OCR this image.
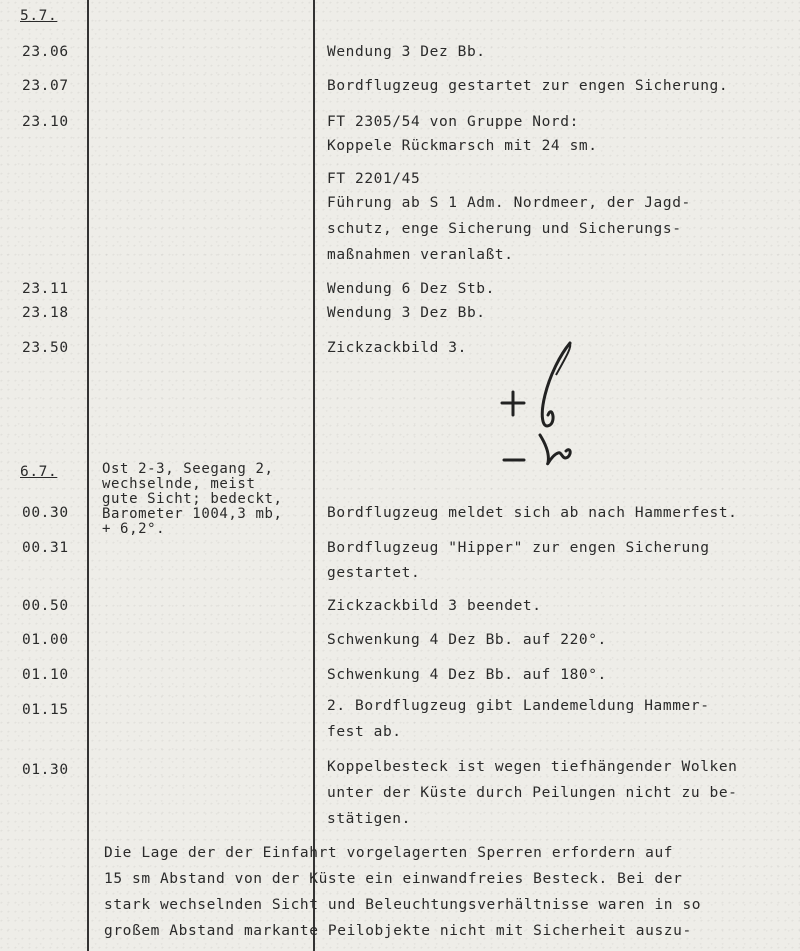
5.7.
6.7.
23.06
23.07
23.10
23.11
23.18
23.50
00.30
00.31
00.50
01.00
01.10
01.15
01.30
Ost 2-3, Seegang 2,
wechselnde, meist
gute Sicht; bedeckt,
Barometer 1004,3 mb,
+ 6,2°.
Wendung 3 Dez Bb.
Bordflugzeug gestartet zur engen Sicherung.
FT 2305/54 von Gruppe Nord:
Koppele Rückmarsch mit 24 sm.
FT 2201/45
Führung ab S 1 Adm. Nordmeer, der Jagd-
schutz, enge Sicherung und Sicherungs-
maßnahmen veranlaßt.
Wendung 6 Dez Stb.
Wendung 3 Dez Bb.
Zickzackbild 3.
Bordflugzeug meldet sich ab nach Hammerfest.
Bordflugzeug "Hipper" zur engen Sicherung
gestartet.
Zickzackbild 3 beendet.
Schwenkung 4 Dez Bb. auf 220°.
Schwenkung 4 Dez Bb. auf 180°.
2. Bordflugzeug gibt Landemeldung Hammer-
fest ab.
Koppelbesteck ist wegen tiefhängender Wolken
unter der Küste durch Peilungen nicht zu be-
stätigen.
Die Lage der der Einfahrt vorgelagerten Sperren erfordern auf
15 sm Abstand von der Küste ein einwandfreies Besteck. Bei der
stark wechselnden Sicht und Beleuchtungsverhältnisse waren in so
großem Abstand markante Peilobjekte nicht mit Sicherheit auszu-
